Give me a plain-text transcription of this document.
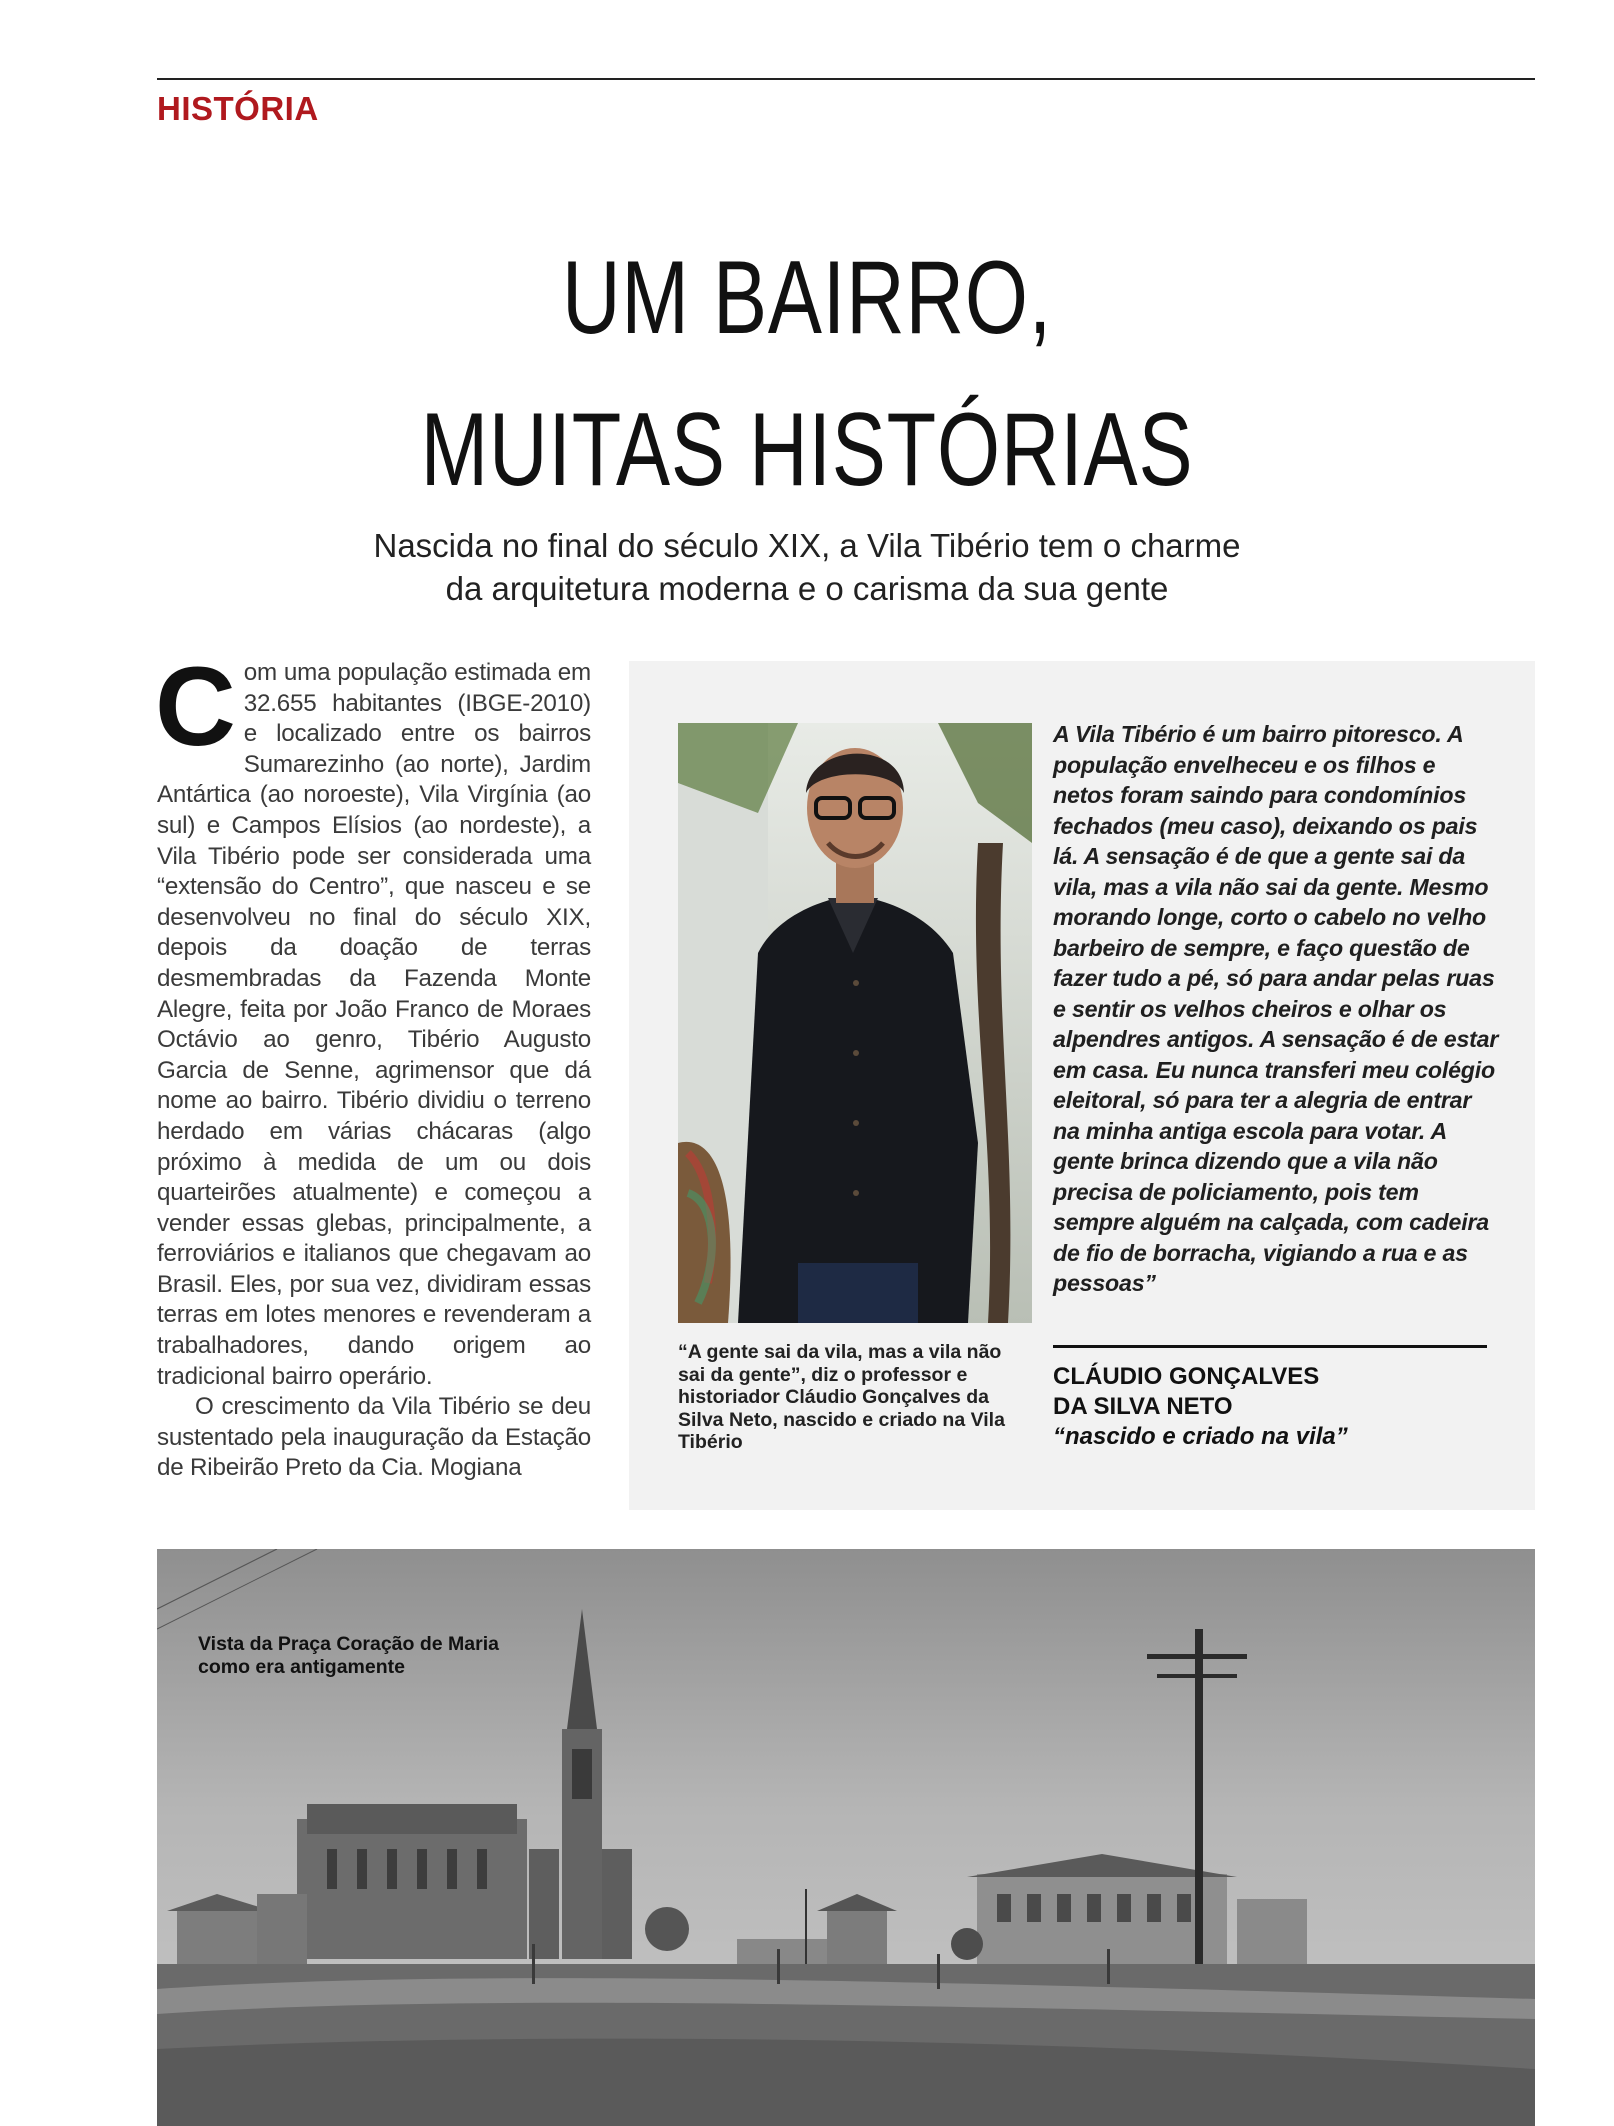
HISTÓRIA
UM BAIRRO,
MUITAS HISTÓRIAS
Nascida no final do século XIX, a Vila Tibério tem o charme
da arquitetura moderna e o carisma da sua gente

Com uma população estimada em 32.655 habitantes (IBGE-2010) e localizado entre os bairros Sumarezinho (ao norte), Jardim Antártica (ao noroeste), Vila Virgínia (ao sul) e Campos Elísios (ao nordeste), a Vila Tibério pode ser considerada uma “extensão do Centro”, que nasceu e se desenvolveu no final do século XIX, depois da doação de terras desmembradas da Fazenda Monte Alegre, feita por João Franco de Moraes Octávio ao genro, Tibério Augusto Garcia de Senne, agrimensor que dá nome ao bairro. Tibério dividiu o terreno herdado em várias chácaras (algo próximo à medida de um ou dois quarteirões atualmente) e começou a vender essas glebas, principalmente, a ferroviários e italianos que chegavam ao Brasil. Eles, por sua vez, dividiram essas terras em lotes menores e revenderam a trabalhadores, dando origem ao tradicional bairro operário.

O crescimento da Vila Tibério se deu sustentado pela inauguração da Estação de Ribeirão Preto da Cia. Mogiana

“A gente sai da vila, mas a vila não sai da gente”, diz o professor e historiador Cláudio Gonçalves da Silva Neto, nascido e criado na Vila Tibério
A Vila Tibério é um bairro pitoresco. A população envelheceu e os filhos e netos foram saindo para condomínios fechados (meu caso), deixando os pais lá. A sensação é de que a gente sai da vila, mas a vila não sai da gente. Mesmo morando longe, corto o cabelo no velho barbeiro de sempre, e faço questão de fazer tudo a pé, só para andar pelas ruas e sentir os velhos cheiros e olhar os alpendres antigos. A sensação é de estar em casa. Eu nunca transferi meu colégio eleitoral, só para ter a alegria de entrar na minha antiga escola para votar. A gente brinca dizendo que a vila não precisa de policiamento, pois tem sempre alguém na calçada, com cadeira de fio de borracha, vigiando a rua e as pessoas”
CLÁUDIO GONÇALVES
DA SILVA NETO
“nascido e criado na vila”
Vista da Praça Coração de Maria como era antigamente
